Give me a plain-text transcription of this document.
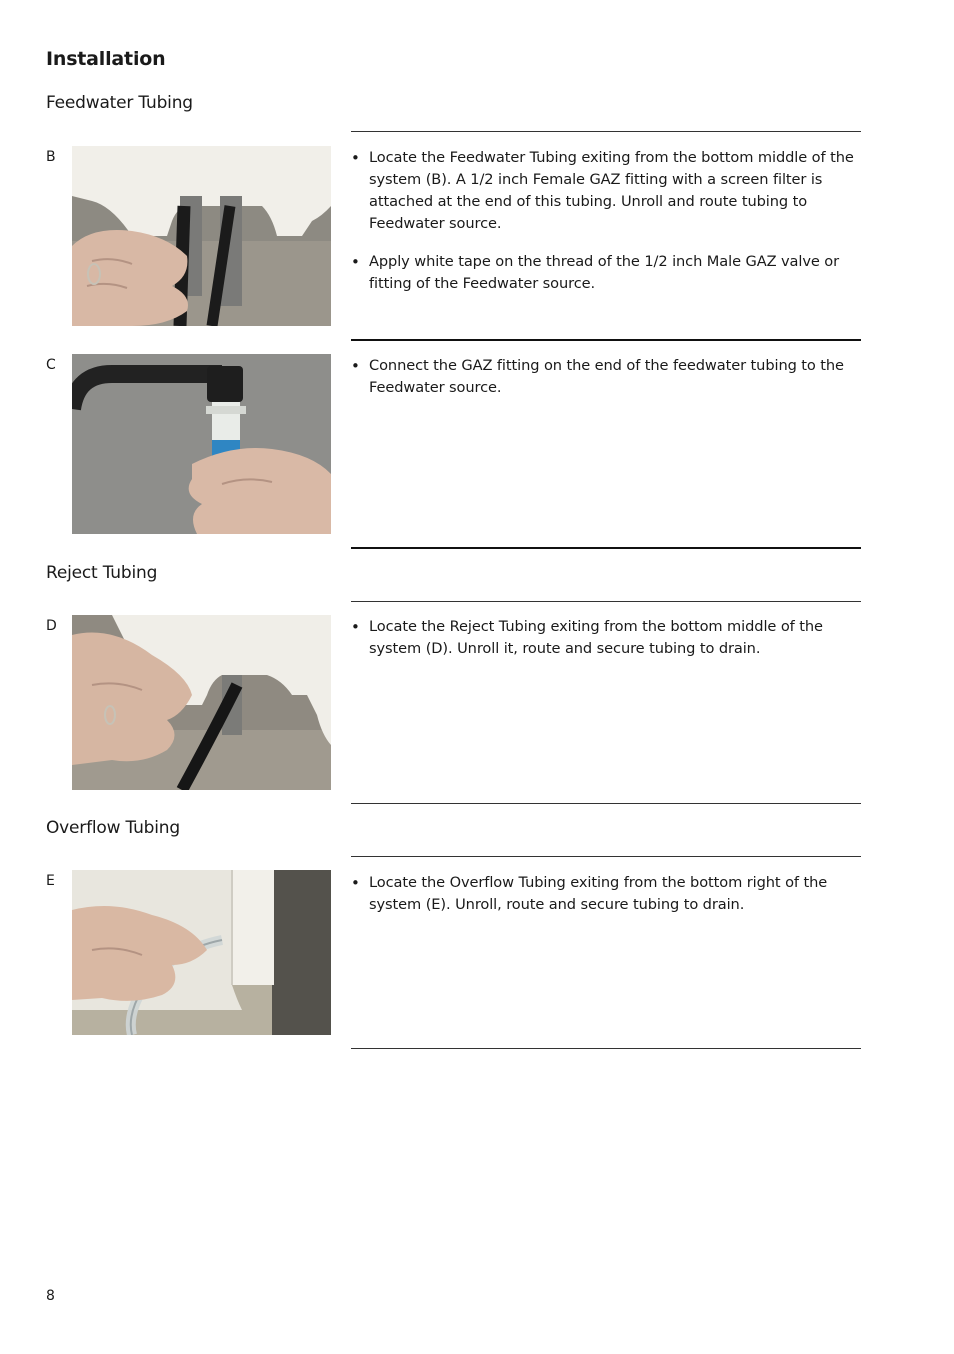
Installation
Feedwater Tubing
B	• Locate the Feedwater Tubing exiting from the bottom middle of the system (B). A 1/2 inch Female GAZ fitting with a screen filter is attached at the end of this tubing. Unroll and route tubing to Feedwater source.
• Apply white tape on the thread of the 1/2 inch Male GAZ valve or fitting of the Feedwater source.
C	• Connect the GAZ fitting on the end of the feedwater tubing to the Feedwater source.
Reject Tubing
D	• Locate the Reject Tubing exiting from the bottom middle of the system (D). Unroll it, route and secure tubing to drain.
Overflow Tubing
E	• Locate the Overflow Tubing exiting from the bottom right of the system (E). Unroll, route and secure tubing to drain.
8
